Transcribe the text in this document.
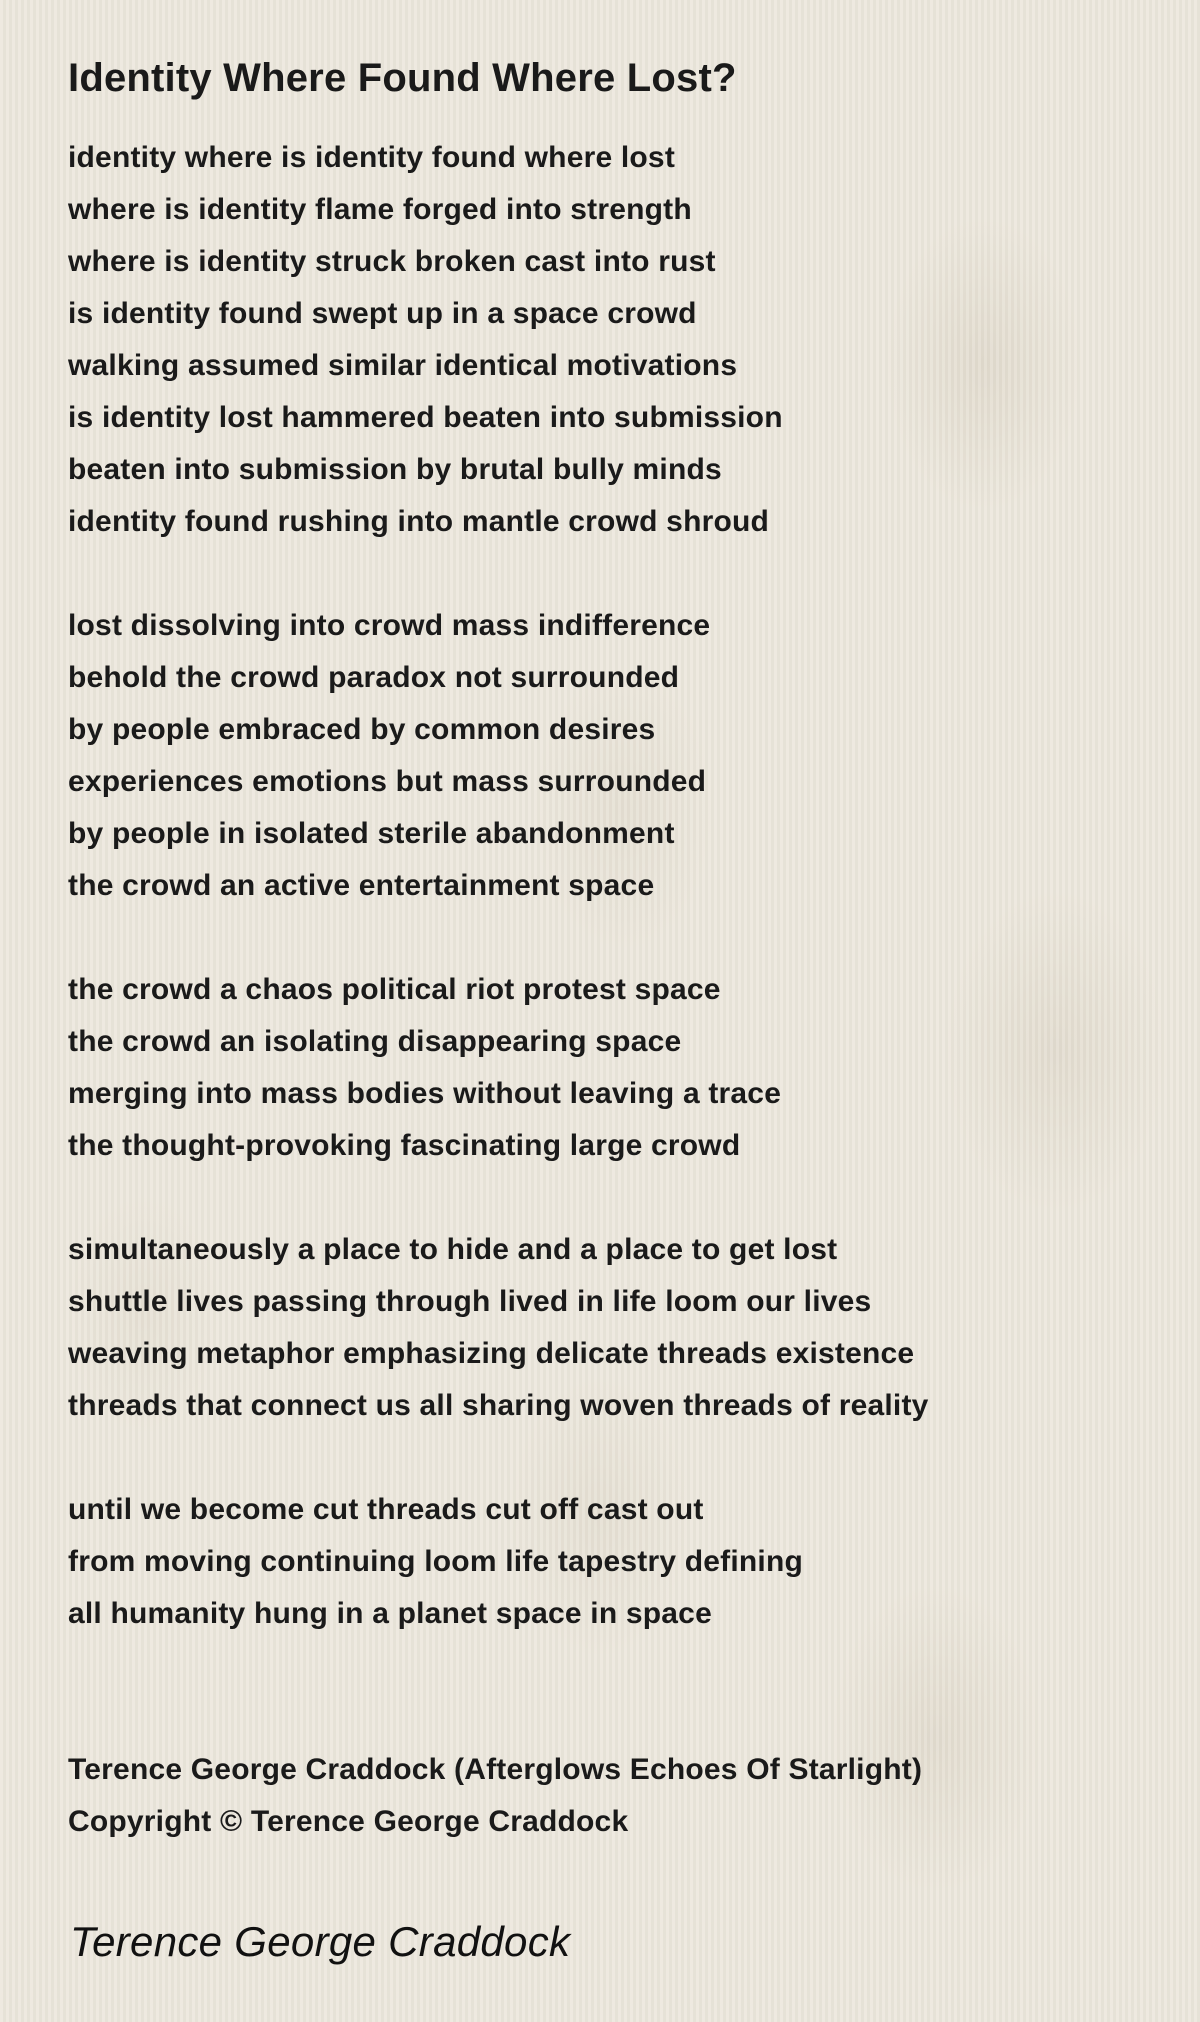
Identity Where Found Where Lost?
identity where is identity found where lost
where is identity flame forged into strength
where is identity struck broken cast into rust
is identity found swept up in a space crowd
walking assumed similar identical motivations
is identity lost hammered beaten into submission
beaten into submission by brutal bully minds
identity found rushing into mantle crowd shroud
lost dissolving into crowd mass indifference
behold the crowd paradox not surrounded
by people embraced by common desires
experiences emotions but mass surrounded
by people in isolated sterile abandonment
the crowd an active entertainment space
the crowd a chaos political riot protest space
the crowd an isolating disappearing space
merging into mass bodies without leaving a trace
the thought-provoking fascinating large crowd
simultaneously a place to hide and a place to get lost
shuttle lives passing through lived in life loom our lives
weaving metaphor emphasizing delicate threads existence
threads that connect us all sharing woven threads of reality
until we become cut threads cut off cast out
from moving continuing loom life tapestry defining
all humanity hung in a planet space in space
Terence George Craddock (Afterglows Echoes Of Starlight)
Copyright © Terence George Craddock
Terence George Craddock
